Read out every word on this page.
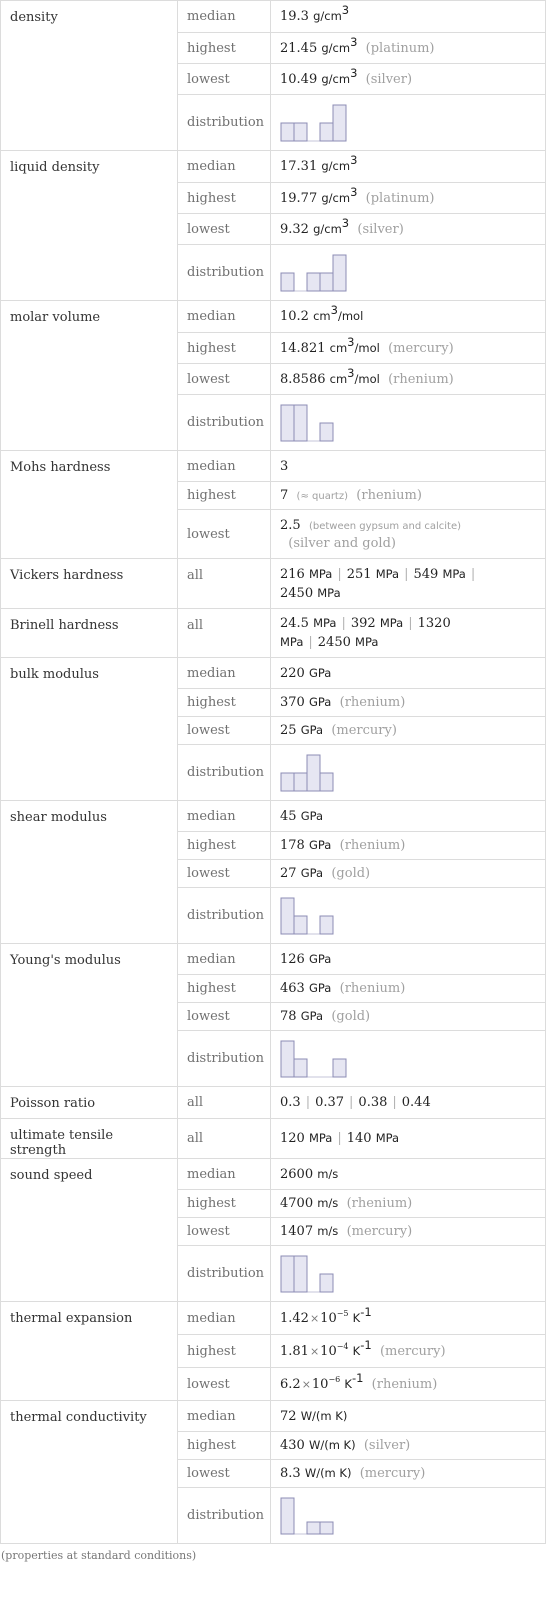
density	median	19.3 $g/cm^3$
	highest	21.45 $g/cm^3$ (platinum)
	lowest	10.49 $g/cm^3$ (silver)
	distribution	

liquid density	median	17.31 $g/cm^3$
	highest	19.77 $g/cm^3$ (platinum)
	lowest	9.32 $g/cm^3$ (silver)
	distribution	

molar volume	median	10.2 $cm^3$/mol
	highest	14.821 $cm^3$/mol (mercury)
	lowest	8.8586 $cm^3$/mol (rhenium)
	distribution	

Mohs hardness	median	3
	highest	7 (≈ quartz) (rhenium)
	lowest	2.5 (between gypsum and calcite)
(silver and gold)
Vickers hardness	all	216 MPa | 251 MPa | 549 MPa |
2450 MPa
Brinell hardness	all	24.5 MPa | 392 MPa | 1320
MPa | 2450 MPa
bulk modulus	median	220 GPa
	highest	370 GPa (rhenium)
	lowest	25 GPa (mercury)
	distribution	

shear modulus	median	45 GPa
	highest	178 GPa (rhenium)
	lowest	27 GPa (gold)
	distribution	

Young's modulus	median	126 GPa
	highest	463 GPa (rhenium)
	lowest	78 GPa (gold)
	distribution	

Poisson ratio	all	0.3 | 0.37 | 0.38 | 0.44
ultimate tensile strength	all	120 MPa | 140 MPa
sound speed	median	2600 m/s
	highest	4700 m/s (rhenium)
	lowest	1407 m/s (mercury)
	distribution	

thermal expansion	median	$1.42\times 10^{-5}$ $K^{-1}$
	highest	$1.81\times 10^{-4}$ $K^{-1}$ (mercury)
	lowest	$6.2\times 10^{-6}$ $K^{-1}$ (rhenium)
thermal conductivity	median	72 W/(m K)
	highest	430 W/(m K) (silver)
	lowest	8.3 W/(m K) (mercury)
	distribution	
(properties at standard conditions)
